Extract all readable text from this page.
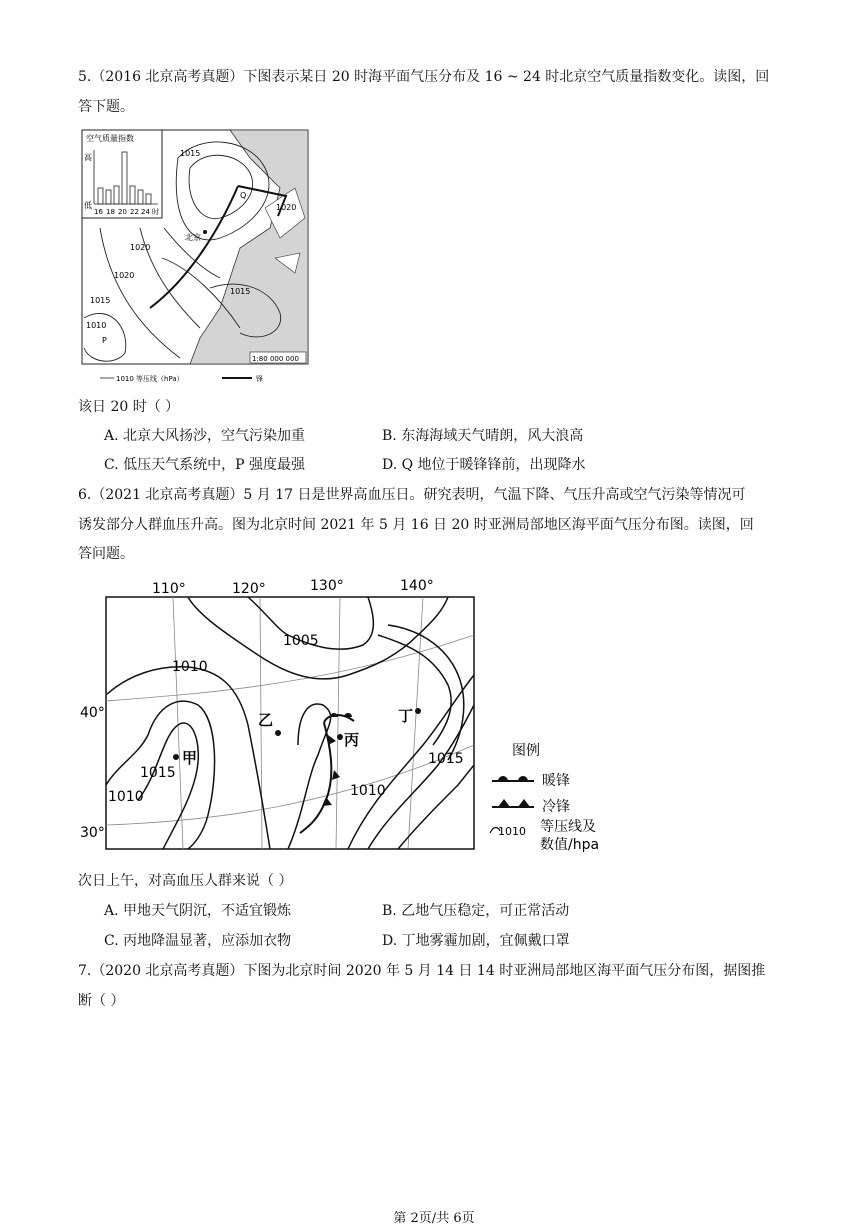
5.（2016 北京高考真题）下图表示某日 20 时海平面气压分布及 16 ~ 24 时北京空气质量指数变化。读图，回
答下题。
空气质量指数
高
低
16 18 20 22 24 时
1015
1020
1020
1015
1010
1020
1015
北京
Q
P
1:80 000 000
1010 等压线（hPa）	锋
该日 20 时（ ）
A. 北京大风扬沙，空气污染加重	B. 东海海域天气晴朗，风大浪高
C. 低压天气系统中，P 强度最强	D. Q 地位于暖锋锋前，出现降水
6.（2021 北京高考真题）5 月 17 日是世界高血压日。研究表明，气温下降、气压升高或空气污染等情况可
诱发部分人群血压升高。图为北京时间 2021 年 5 月 16 日 20 时亚洲局部地区海平面气压分布图。读图，回
答问题。
110°	120°	130°	140°
40°
30°
1005
1010
1015
1010
1015
1010
甲
乙
丙
丁
图例
暖锋
冷锋
1010 等压线及
数值/hpa
次日上午，对高血压人群来说（ ）
A. 甲地天气阴沉，不适宜锻炼	B. 乙地气压稳定，可正常活动
C. 丙地降温显著，应添加衣物	D. 丁地雾霾加剧，宜佩戴口罩
7.（2020 北京高考真题）下图为北京时间 2020 年 5 月 14 日 14 时亚洲局部地区海平面气压分布图，据图推
断（ ）
第 2页/共 6页
